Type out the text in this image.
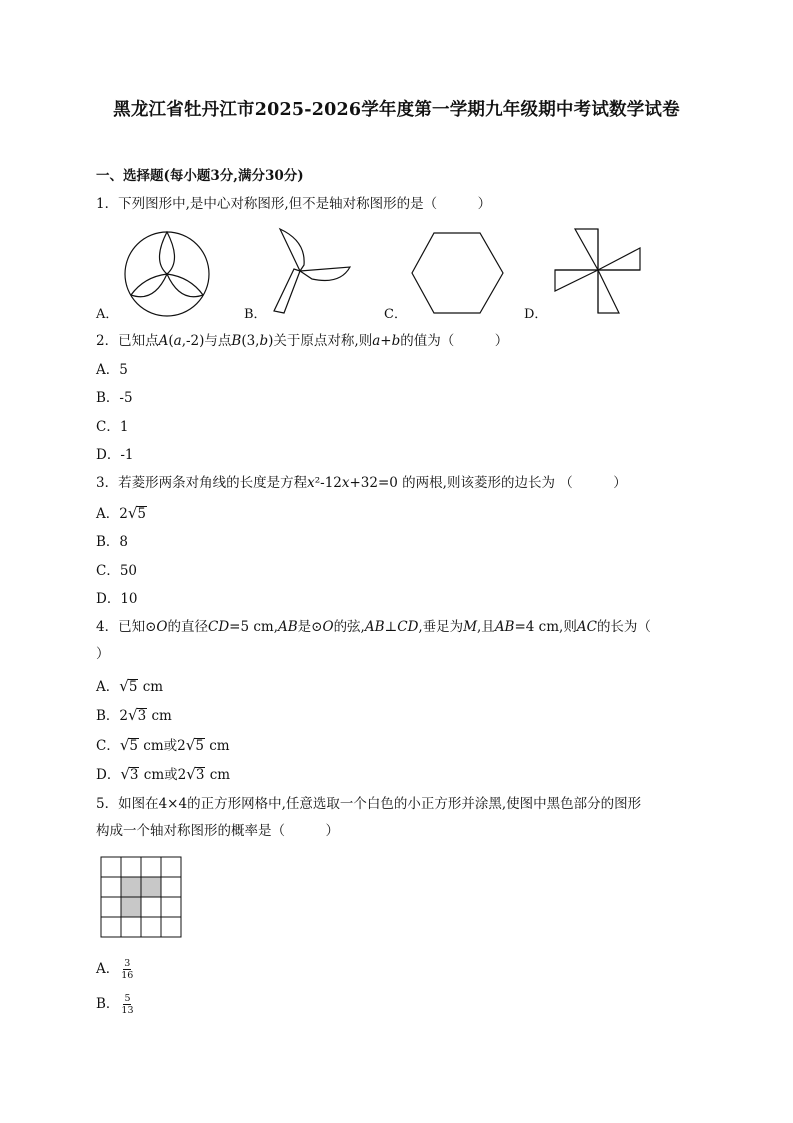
黑龙江省牡丹江市2025-2026学年度第一学期九年级期中考试数学试卷
一、选择题(每小题3分,满分30分)
1．下列图形中,是中心对称图形,但不是轴对称图形的是（　　　）
A．	B．	C．	D．
2．已知点A(a,-2)与点B(3,b)关于原点对称,则a+b的值为（　　　）
A．5
B．-5
C．1
D．-1
3．若菱形两条对角线的长度是方程x²-12x+32=0 的两根,则该菱形的边长为 （　　　）
A．2√5
B．8
C．50
D．10
4．已知⊙O的直径CD=5 cm,AB是⊙O的弦,AB⊥CD,垂足为M,且AB=4 cm,则AC的长为（
）
A．√5 cm
B．2√3 cm
C．√5 cm或2√5 cm
D．√3 cm或2√3 cm
5．如图在4×4的正方形网格中,任意选取一个白色的小正方形并涂黑,使图中黑色部分的图形
构成一个轴对称图形的概率是（　　　）
A． $\frac{3}{16}$
B． $\frac{5}{13}$
